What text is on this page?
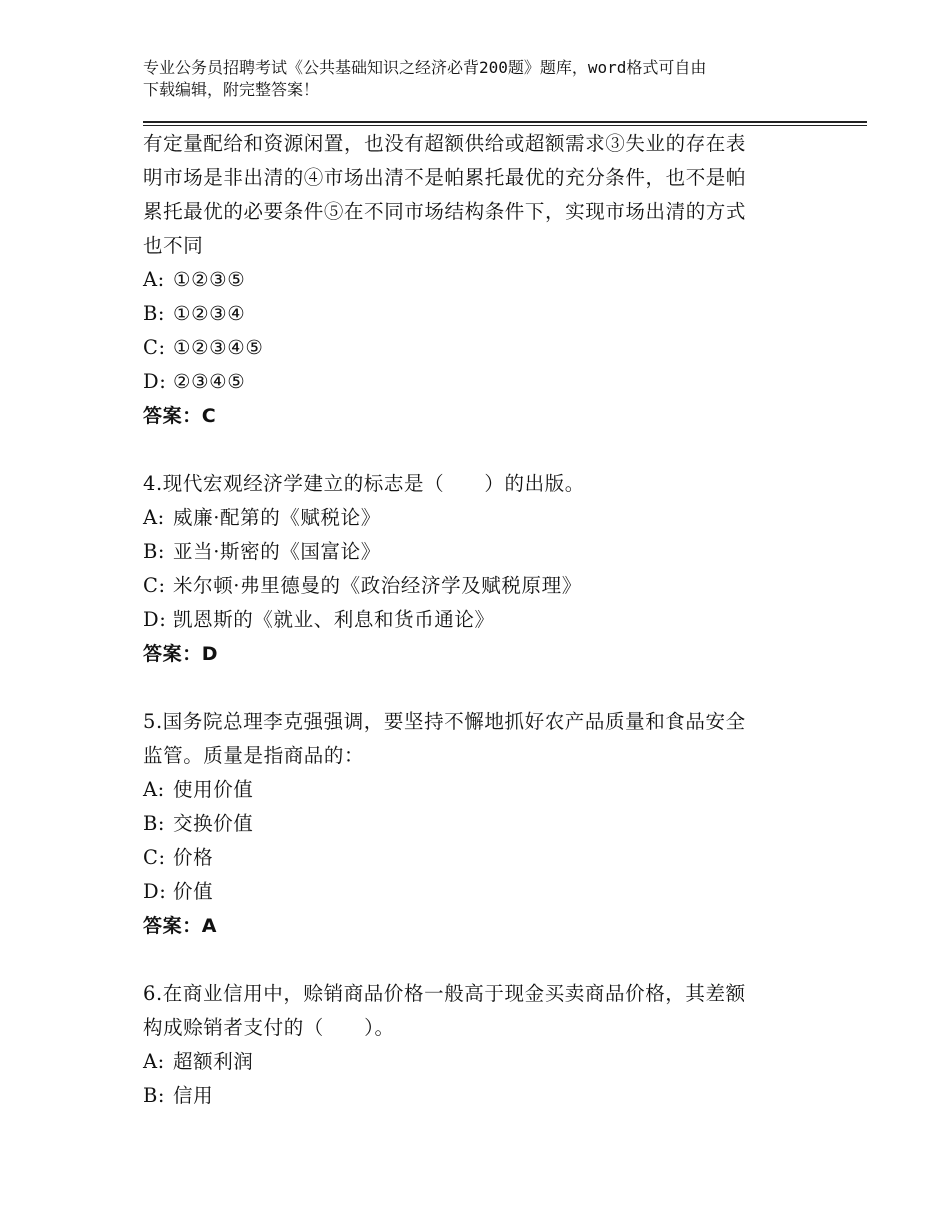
专业公务员招聘考试《公共基础知识之经济必背200题》题库，word格式可自由
下载编辑，附完整答案！

有定量配给和资源闲置，也没有超额供给或超额需求③失业的存在表

明市场是非出清的④市场出清不是帕累托最优的充分条件，也不是帕

累托最优的必要条件⑤在不同市场结构条件下，实现市场出清的方式

也不同

A: ①②③⑤

B: ①②③④

C: ①②③④⑤

D: ②③④⑤

答案：C

4.现代宏观经济学建立的标志是（　　）的出版。

A: 威廉·配第的《赋税论》

B: 亚当·斯密的《国富论》

C: 米尔顿·弗里德曼的《政治经济学及赋税原理》

D: 凯恩斯的《就业、利息和货币通论》

答案：D

5.国务院总理李克强强调，要坚持不懈地抓好农产品质量和食品安全

监管。质量是指商品的：

A: 使用价值

B: 交换价值

C: 价格

D: 价值

答案：A

6.在商业信用中，赊销商品价格一般高于现金买卖商品价格，其差额

构成赊销者支付的（　　）。

A: 超额利润

B: 信用
